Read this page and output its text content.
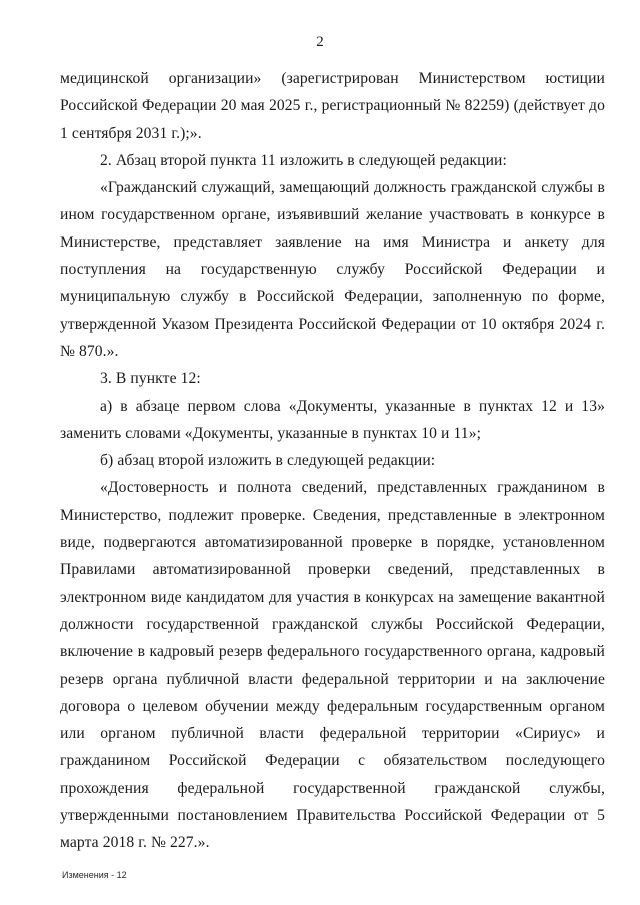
2

медицинской организации» (зарегистрирован Министерством юстиции Российской Федерации 20 мая 2025 г., регистрационный № 82259) (действует до 1 сентября 2031 г.);».

2. Абзац второй пункта 11 изложить в следующей редакции:

«Гражданский служащий, замещающий должность гражданской службы в ином государственном органе, изъявивший желание участвовать в конкурсе в Министерстве, представляет заявление на имя Министра и анкету для поступления на государственную службу Российской Федерации и муниципальную службу в Российской Федерации, заполненную по форме, утвержденной Указом Президента Российской Федерации от 10 октября 2024 г. № 870.».

3. В пункте 12:

а) в абзаце первом слова «Документы, указанные в пунктах 12 и 13» заменить словами «Документы, указанные в пунктах 10 и 11»;

б) абзац второй изложить в следующей редакции:

«Достоверность и полнота сведений, представленных гражданином в Министерство, подлежит проверке. Сведения, представленные в электронном виде, подвергаются автоматизированной проверке в порядке, установленном Правилами автоматизированной проверки сведений, представленных в электронном виде кандидатом для участия в конкурсах на замещение вакантной должности государственной гражданской службы Российской Федерации, включение в кадровый резерв федерального государственного органа, кадровый резерв органа публичной власти федеральной территории и на заключение договора о целевом обучении между федеральным государственным органом или органом публичной власти федеральной территории «Сириус» и гражданином Российской Федерации с обязательством последующего прохождения федеральной государственной гражданской службы, утвержденными постановлением Правительства Российской Федерации от 5 марта 2018 г. № 227.».

Изменения - 12
